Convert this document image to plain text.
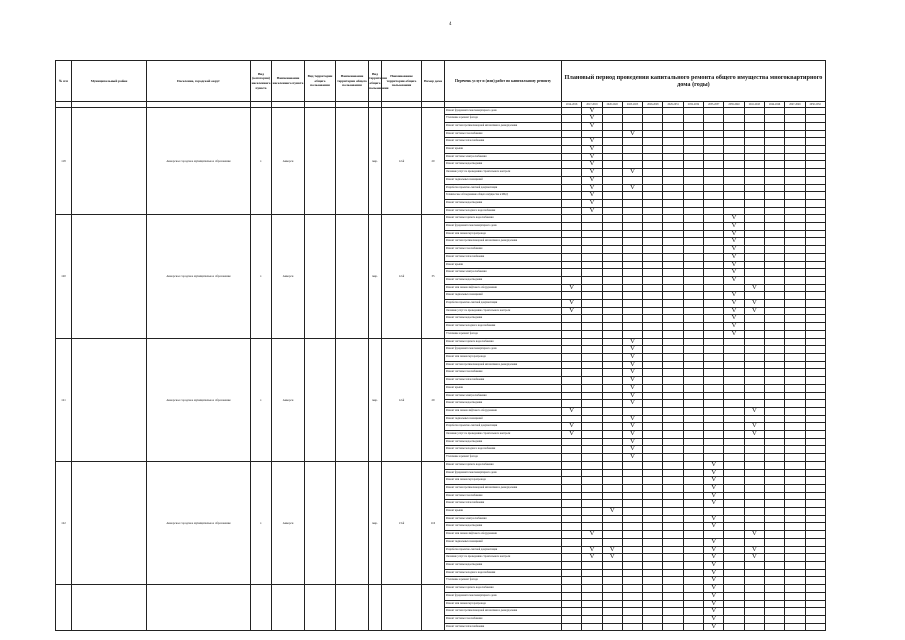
4
№ п/п	Муниципальный район	Поселение, городской округ	Вид (категория) населенного пункта	Наименование населенного пункта	Вид территории общего пользования	Наименование территории общего пользования	Вид территории общего пользования	Наименование территории общего пользования	Номер дома	Перечень услуг и (или) работ по капитальному ремонту	Плановый период проведения капитального ремонта общего имущества многоквартирного дома (годы)												
											2014-2016	2017-2019	2020-2022	2023-2025	2026-2028	2029-2031	2032-2034	2035-2037	2038-2040	2041-2043	2044-2046	2047-2049	2050-2052
118		Анкорское городское муниципальное образование	г.	Анкорск			мкр.	12-й	20	Ремонт фундамента многоквартирного дома		V											
										Утепление и ремонт фасада		V											
										Ремонт систем противопожарной автоматики и дымоудаления		V											
										Ремонт системы газоснабжения				V									
										Ремонт системы теплоснабжения		V											
										Ремонт крыши		V											
										Ремонт системы электроснабжения		V											
										Ремонт системы водоотведения		V											
										Оказание услуг по проведению строительного контроля		V		V									
										Ремонт подвальных помещений		V											
										Разработка проектно-сметной документации		V		V									
										Техническое обследование общего имущества в МКД		V											
										Ремонт системы водоотведения		V											
										Ремонт системы холодного водоснабжения		V											
120		Анкорское городское муниципальное образование	г.	Анкорск			мкр.	12-й	35	Ремонт системы горячего водоснабжения									V				
										Ремонт фундамента многоквартирного дома									V				
										Ремонт или замена мусоропровода									V				
										Ремонт систем противопожарной автоматики и дымоудаления									V				
										Ремонт системы газоснабжения									V				
										Ремонт системы теплоснабжения									V				
										Ремонт крыши									V				
										Ремонт системы электроснабжения									V				
										Ремонт системы водоотведения									V				
										Ремонт или замена лифтового оборудования	V									V			
										Ремонт подвальных помещений									V				
										Разработка проектно-сметной документации	V								V	V			
										Оказание услуг по проведению строительного контроля	V								V	V			
										Ремонт системы водоотведения									V				
										Ремонт системы холодного водоснабжения									V				
										Утепление и ремонт фасада									V				
121		Анкорское городское муниципальное образование	г.	Анкорск			мкр.	12-й	29	Ремонт системы горячего водоснабжения				V									
										Ремонт фундамента многоквартирного дома				V									
										Ремонт или замена мусоропровода				V									
										Ремонт систем противопожарной автоматики и дымоудаления				V									
										Ремонт системы газоснабжения				V									
										Ремонт системы теплоснабжения				V									
										Ремонт крыши				V									
										Ремонт системы электроснабжения				V									
										Ремонт системы водоотведения				V									
										Ремонт или замена лифтового оборудования	V									V			
										Ремонт подвальных помещений				V									
										Разработка проектно-сметной документации	V			V						V			
										Оказание услуг по проведению строительного контроля	V			V						V			
										Ремонт системы водоотведения				V									
										Ремонт системы холодного водоснабжения				V									
										Утепление и ремонт фасада				V									
122		Анкорское городское муниципальное образование	г.	Анкорск			мкр.	13-й	116	Ремонт системы горячего водоснабжения								V					
										Ремонт фундамента многоквартирного дома								V					
										Ремонт или замена мусоропровода								V					
										Ремонт систем противопожарной автоматики и дымоудаления								V					
										Ремонт системы газоснабжения								V					
										Ремонт системы теплоснабжения								V					
										Ремонт крыши			V										
										Ремонт системы электроснабжения								V					
										Ремонт системы водоотведения								V					
										Ремонт или замена лифтового оборудования		V								V			
										Ремонт подвальных помещений								V					
										Разработка проектно-сметной документации		V	V					V		V			
										Оказание услуг по проведению строительного контроля		V	V					V		V			
										Ремонт системы водоотведения								V					
										Ремонт системы холодного водоснабжения								V					
										Утепление и ремонт фасада								V					
										Ремонт системы горячего водоснабжения								V					
										Ремонт фундамента многоквартирного дома								V					
										Ремонт или замена мусоропровода								V					
										Ремонт систем противопожарной автоматики и дымоудаления								V					
										Ремонт системы газоснабжения								V					
										Ремонт системы теплоснабжения								V					
